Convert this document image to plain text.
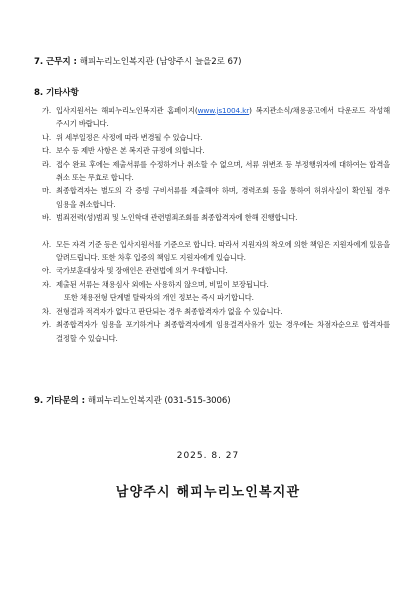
7. 근무지 : 해피누리노인복지관 (남양주시 늘을2로 67)
8. 기타사항
가. 입사지원서는 해피누리노인복지관 홈페이지(www.js1004.kr) 복지관소식/채용공고에서 다운로드 작성해 주시기 바랍니다.
나. 위 세부일정은 사정에 따라 변경될 수 있습니다.
다. 보수 등 제반 사항은 본 복지관 규정에 의합니다.
라. 접수 완료 후에는 제출서류를 수정하거나 취소할 수 없으며, 서류 위변조 등 부정행위자에 대하여는 합격을 취소 또는 무효로 합니다.
마. 최종합격자는 별도의 각 증빙 구비서류를 제출해야 하며, 경력조회 등을 통하여 허위사실이 확인될 경우 임용을 취소합니다.
바. 범죄전력(성)범죄 및 노인학대 관련범죄조회를 최종합격자에 한해 진행합니다.
사. 모든 자격 기준 등은 입사지원서를 기준으로 합니다. 따라서 지원자의 착오에 의한 책임은 지원자에게 있음을 알려드립니다. 또한 차후 입증의 책임도 지원자에게 있습니다.
아. 국가보훈대상자 및 장애인은 관련법에 의거 우대합니다.
자. 제출된 서류는 채용심사 외에는 사용하지 않으며, 비밀이 보장됩니다.
또한 채용전형 단계별 탈락자의 개인 정보는 즉시 파기합니다.
차. 전형결과 적격자가 없다고 판단되는 경우 최종합격자가 없을 수 있습니다.
카. 최종합격자가 임용을 포기하거나 최종합격자에게 임용결격사유가 있는 경우에는 차점자순으로 합격자를 결정할 수 있습니다.
9. 기타문의 : 해피누리노인복지관 (031-515-3006)
2025. 8. 27
남양주시 해피누리노인복지관
